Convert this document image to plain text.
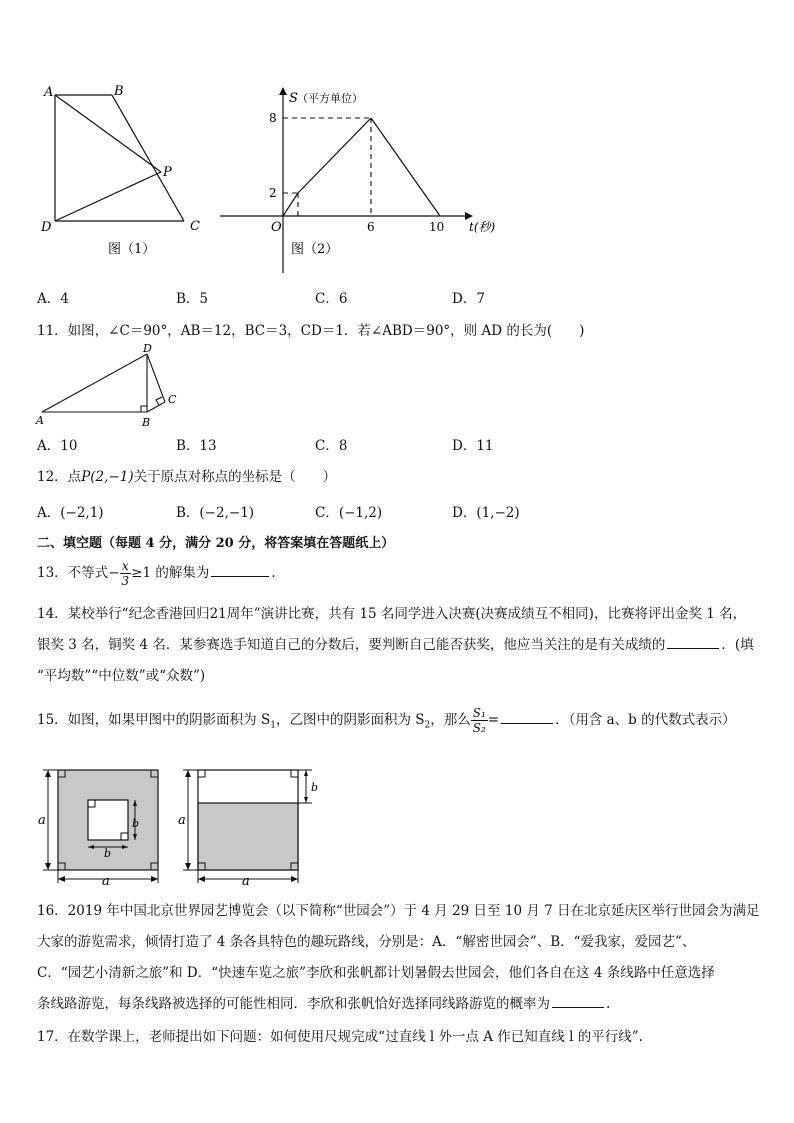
A	B
P
D	C
图（1）
S （平方单位）
8
2
O	6	10 t(秒)
图（2）
A．4	B．5	C．6	D．7
11．如图，∠C＝90°，AB＝12，BC＝3，CD＝1．若∠ABD＝90°，则 AD 的长为(　　)
D
C
A	B
A．10	B．13	C．8	D．11
12．点P(2,−1)关于原点对称点的坐标是（　　）
A．(−2,1)	B．(−2,−1)	C．(−1,2)	D．(1,−2)
二、填空题（每题 4 分，满分 20 分，将答案填在答题纸上）
13．不等式− $\frac{x}{3} \ge 1$ 的解集为	.
14．某校举行“纪念香港回归21周年”演讲比赛，共有 15 名同学进入决赛(决赛成绩互不相同)，比赛将评出金奖 1 名，
银奖 3 名，铜奖 4 名．某参赛选手知道自己的分数后，要判断自己能否获奖，他应当关注的是有关成绩的	．(填
“平均数”“中位数”或“众数”)
15．如图，如果甲图中的阴影面积为 $S_1$，乙图中的阴影面积为 $S_2$，那么 $\frac{\text{S₁}}{\text{S₂}}$ =	．（用含 a、b 的代数式表示）
a
a
b
b
a
a
b
16．2019 年中国北京世界园艺博览会（以下简称“世园会”）于 4 月 29 日至 10 月 7 日在北京延庆区举行世园会为满足
大家的游览需求，倾情打造了 4 条各具特色的趣玩路线，分别是：A．“解密世园会”、B．“爱我家，爱园艺”、
C．“园艺小清新之旅”和 D．“快速车览之旅”李欣和张帆都计划暑假去世园会，他们各自在这 4 条线路中任意选择
条线路游览，每条线路被选择的可能性相同．李欣和张帆恰好选择同线路游览的概率为	.
17．在数学课上，老师提出如下问题：如何使用尺规完成“过直线 l 外一点 A 作已知直线 l 的平行线”.
